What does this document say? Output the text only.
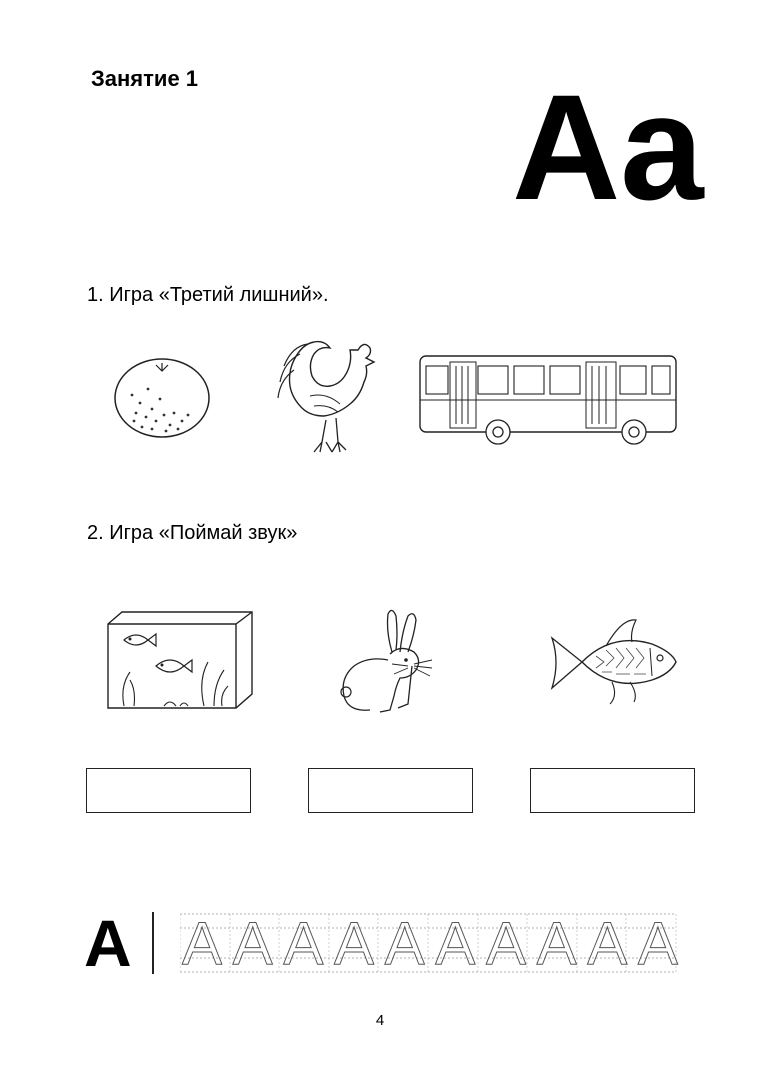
Занятие 1 Аа
1. Игра «Третий лишний».
2. Игра «Поймай звук»
А А А А А А А А А А А
4
